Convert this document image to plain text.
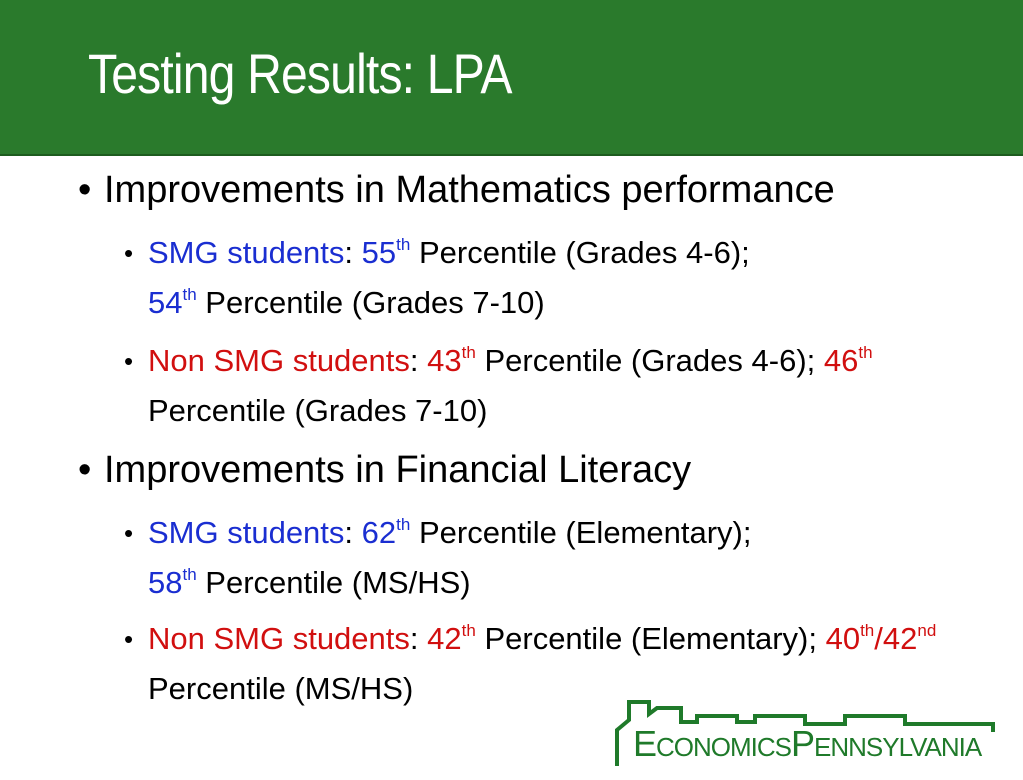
Testing Results: LPA
• Improvements in Mathematics performance
• SMG students: 55th Percentile (Grades 4-6);
54th Percentile (Grades 7-10)
• Non SMG students: 43th Percentile (Grades 4-6); 46th Percentile (Grades 7-10)
• Improvements in Financial Literacy
• SMG students: 62th Percentile (Elementary);
58th Percentile (MS/HS)
• Non SMG students: 42th Percentile (Elementary); 40th/42nd Percentile (MS/HS)
ECONOMICSPENNSYLVANIA
